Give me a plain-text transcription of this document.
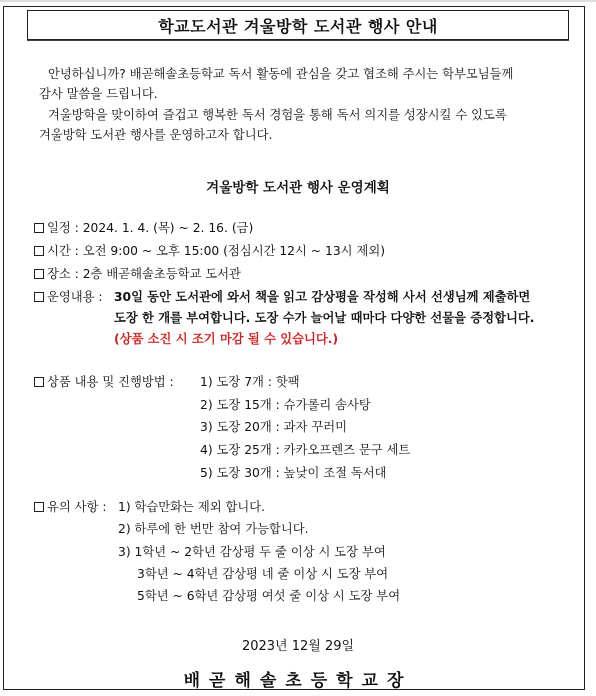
학교도서관 겨울방학 도서관 행사 안내
안녕하십니까? 배곧해솔초등학교 독서 활동에 관심을 갖고 협조해 주시는 학부모님들께
감사 말씀을 드립니다.
겨울방학을 맞이하여 즐겁고 행복한 독서 경험을 통해 독서 의지를 성장시킬 수 있도록
겨울방학 도서관 행사를 운영하고자 합니다.
겨울방학 도서관 행사 운영계획
일정 : 2024. 1. 4. (목) ~ 2. 16. (금)
시간 : 오전 9:00 ~ 오후 15:00 (점심시간 12시 ~ 13시 제외)
장소 : 2층 배곧해솔초등학교 도서관
운영내용 : 30일 동안 도서관에 와서 책을 읽고 감상평을 작성해 사서 선생님께 제출하면
도장 한 개를 부여합니다. 도장 수가 늘어날 때마다 다양한 선물을 증정합니다.
(상품 소진 시 조기 마감 될 수 있습니다.)
상품 내용 및 진행방법 : 1) 도장 7개 : 핫팩
2) 도장 15개 : 슈가롤리 솜사탕
3) 도장 20개 : 과자 꾸러미
4) 도장 25개 : 카카오프렌즈 문구 세트
5) 도장 30개 : 높낮이 조절 독서대
유의 사항 : 1) 학습만화는 제외 합니다.
2) 하루에 한 번만 참여 가능합니다.
3) 1학년 ~ 2학년 감상평 두 줄 이상 시 도장 부여
3학년 ~ 4학년 감상평 네 줄 이상 시 도장 부여
5학년 ~ 6학년 감상평 여섯 줄 이상 시 도장 부여
2023년 12월 29일
배곧해솔초등학교장
